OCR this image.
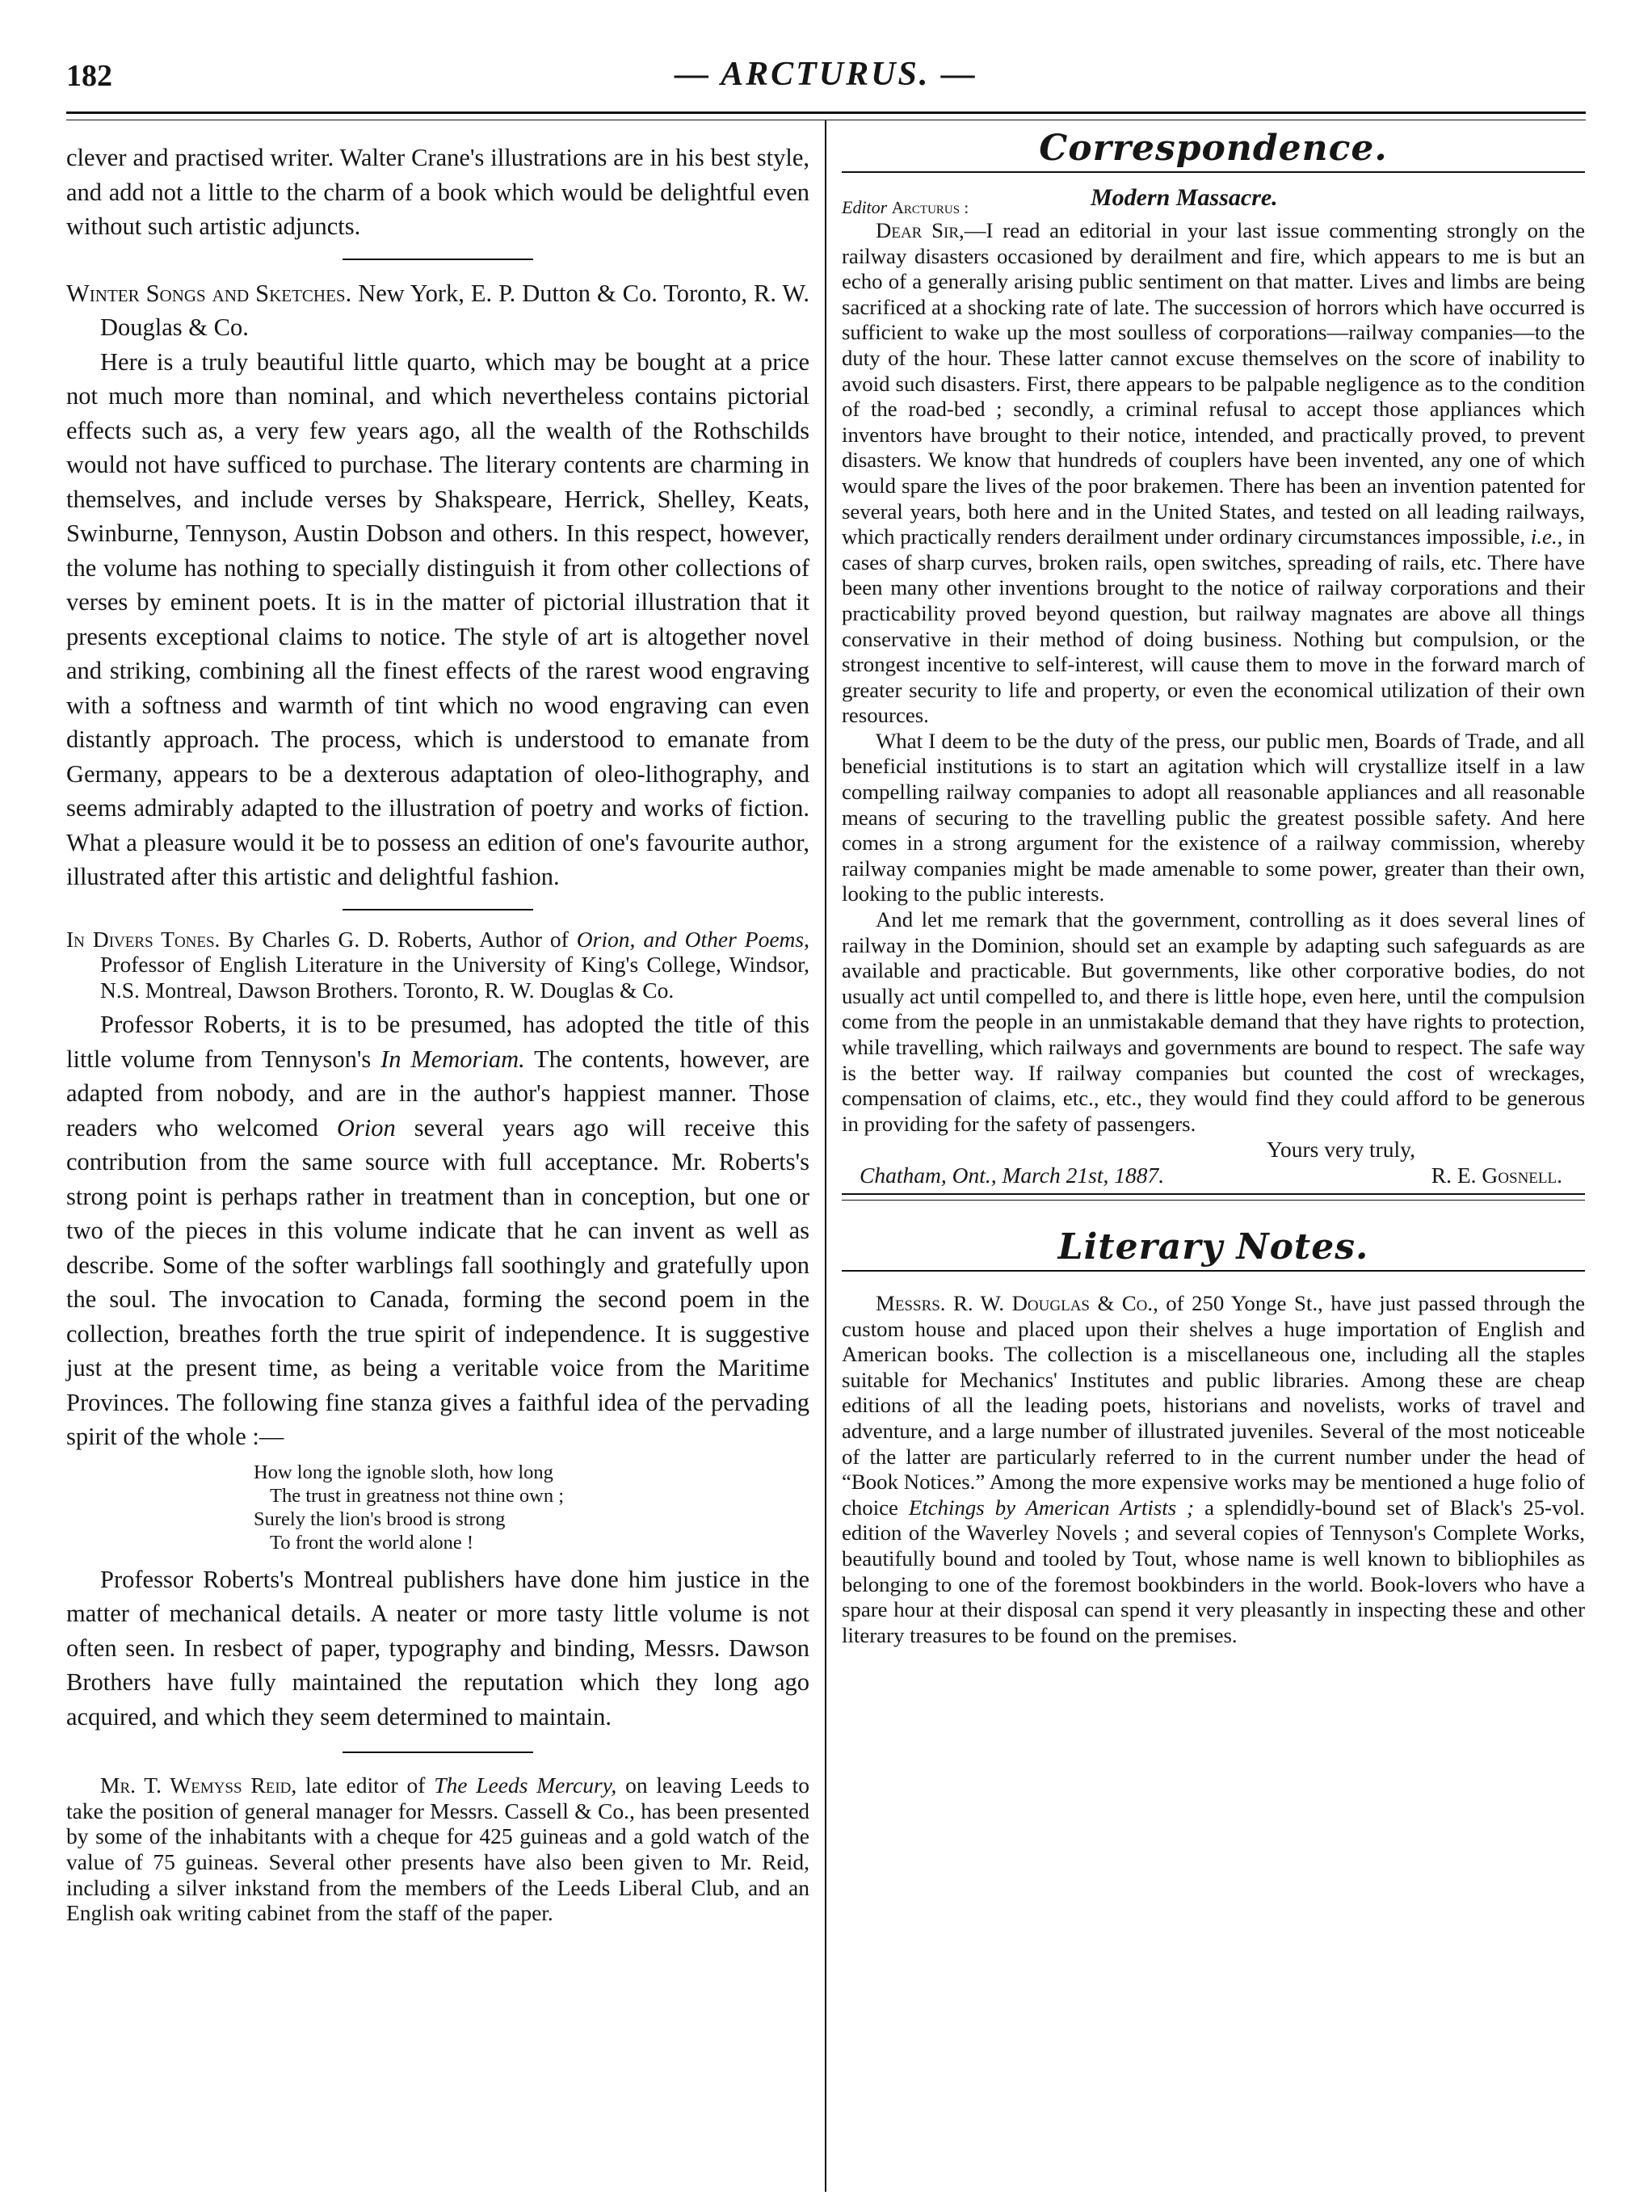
182	— ARCTURUS. —

clever and practised writer. Walter Crane's illustrations are in his best style, and add not a little to the charm of a book which would be delightful even without such artistic adjuncts.

Winter Songs and Sketches. New York, E. P. Dutton & Co. Toronto, R. W. Douglas & Co.

Here is a truly beautiful little quarto, which may be bought at a price not much more than nominal, and which nevertheless contains pictorial effects such as, a very few years ago, all the wealth of the Rothschilds would not have sufficed to purchase. The literary contents are charming in themselves, and include verses by Shakspeare, Herrick, Shelley, Keats, Swinburne, Tennyson, Austin Dobson and others. In this respect, however, the volume has nothing to specially distinguish it from other collections of verses by eminent poets. It is in the matter of pictorial illustration that it presents exceptional claims to notice. The style of art is altogether novel and striking, combining all the finest effects of the rarest wood engraving with a softness and warmth of tint which no wood engraving can even distantly approach. The process, which is understood to emanate from Germany, appears to be a dexterous adaptation of oleo-lithography, and seems admirably adapted to the illustration of poetry and works of fiction. What a pleasure would it be to possess an edition of one's favourite author, illustrated after this artistic and delightful fashion.

In Divers Tones. By Charles G. D. Roberts, Author of Orion, and Other Poems, Professor of English Literature in the University of King's College, Windsor, N.S. Montreal, Dawson Brothers. Toronto, R. W. Douglas & Co.

Professor Roberts, it is to be presumed, has adopted the title of this little volume from Tennyson's In Memoriam. The contents, however, are adapted from nobody, and are in the author's happiest manner. Those readers who welcomed Orion several years ago will receive this contribution from the same source with full acceptance. Mr. Roberts's strong point is perhaps rather in treatment than in conception, but one or two of the pieces in this volume indicate that he can invent as well as describe. Some of the softer warblings fall soothingly and gratefully upon the soul. The invocation to Canada, forming the second poem in the collection, breathes forth the true spirit of independence. It is suggestive just at the present time, as being a veritable voice from the Maritime Provinces. The following fine stanza gives a faithful idea of the pervading spirit of the whole :—

How long the ignoble sloth, how long
The trust in greatness not thine own ;
Surely the lion's brood is strong
To front the world alone !

Professor Roberts's Montreal publishers have done him justice in the matter of mechanical details. A neater or more tasty little volume is not often seen. In resbect of paper, typography and binding, Messrs. Dawson Brothers have fully maintained the reputation which they long ago acquired, and which they seem determined to maintain.

Mr. T. Wemyss Reid, late editor of The Leeds Mercury, on leaving Leeds to take the position of general manager for Messrs. Cassell & Co., has been presented by some of the inhabitants with a cheque for 425 guineas and a gold watch of the value of 75 guineas. Several other presents have also been given to Mr. Reid, including a silver inkstand from the members of the Leeds Liberal Club, and an English oak writing cabinet from the staff of the paper.

Correspondence.
Editor Arcturus :	Modern Massacre.

Dear Sir,—I read an editorial in your last issue commenting strongly on the railway disasters occasioned by derailment and fire, which appears to me is but an echo of a generally arising public sentiment on that matter. Lives and limbs are being sacrificed at a shocking rate of late. The succession of horrors which have occurred is sufficient to wake up the most soulless of corporations—railway companies—to the duty of the hour. These latter cannot excuse themselves on the score of inability to avoid such disasters. First, there appears to be palpable negligence as to the condition of the road-bed ; secondly, a criminal refusal to accept those appliances which inventors have brought to their notice, intended, and practically proved, to prevent disasters. We know that hundreds of couplers have been invented, any one of which would spare the lives of the poor brakemen. There has been an invention patented for several years, both here and in the United States, and tested on all leading railways, which practically renders derailment under ordinary circumstances impossible, i.e., in cases of sharp curves, broken rails, open switches, spreading of rails, etc. There have been many other inventions brought to the notice of railway corporations and their practicability proved beyond question, but railway magnates are above all things conservative in their method of doing business. Nothing but compulsion, or the strongest incentive to self-interest, will cause them to move in the forward march of greater security to life and property, or even the economical utilization of their own resources.

What I deem to be the duty of the press, our public men, Boards of Trade, and all beneficial institutions is to start an agitation which will crystallize itself in a law compelling railway companies to adopt all reasonable appliances and all reasonable means of securing to the travelling public the greatest possible safety. And here comes in a strong argument for the existence of a railway commission, whereby railway companies might be made amenable to some power, greater than their own, looking to the public interests.

And let me remark that the government, controlling as it does several lines of railway in the Dominion, should set an example by adapting such safeguards as are available and practicable. But governments, like other corporative bodies, do not usually act until compelled to, and there is little hope, even here, until the compulsion come from the people in an unmistakable demand that they have rights to protection, while travelling, which railways and governments are bound to respect. The safe way is the better way. If railway companies but counted the cost of wreckages, compensation of claims, etc., etc., they would find they could afford to be generous in providing for the safety of passengers.

Yours very truly,
Chatham, Ont., March 21st, 1887.	R. E. Gosnell.
Literary Notes.

Messrs. R. W. Douglas & Co., of 250 Yonge St., have just passed through the custom house and placed upon their shelves a huge importation of English and American books. The collection is a miscellaneous one, including all the staples suitable for Mechanics' Institutes and public libraries. Among these are cheap editions of all the leading poets, historians and novelists, works of travel and adventure, and a large number of illustrated juveniles. Several of the most noticeable of the latter are particularly referred to in the current number under the head of “Book Notices.” Among the more expensive works may be mentioned a huge folio of choice Etchings by American Artists ; a splendidly-bound set of Black's 25-vol. edition of the Waverley Novels ; and several copies of Tennyson's Complete Works, beautifully bound and tooled by Tout, whose name is well known to bibliophiles as belonging to one of the foremost bookbinders in the world. Book-lovers who have a spare hour at their disposal can spend it very pleasantly in inspecting these and other literary treasures to be found on the premises.
